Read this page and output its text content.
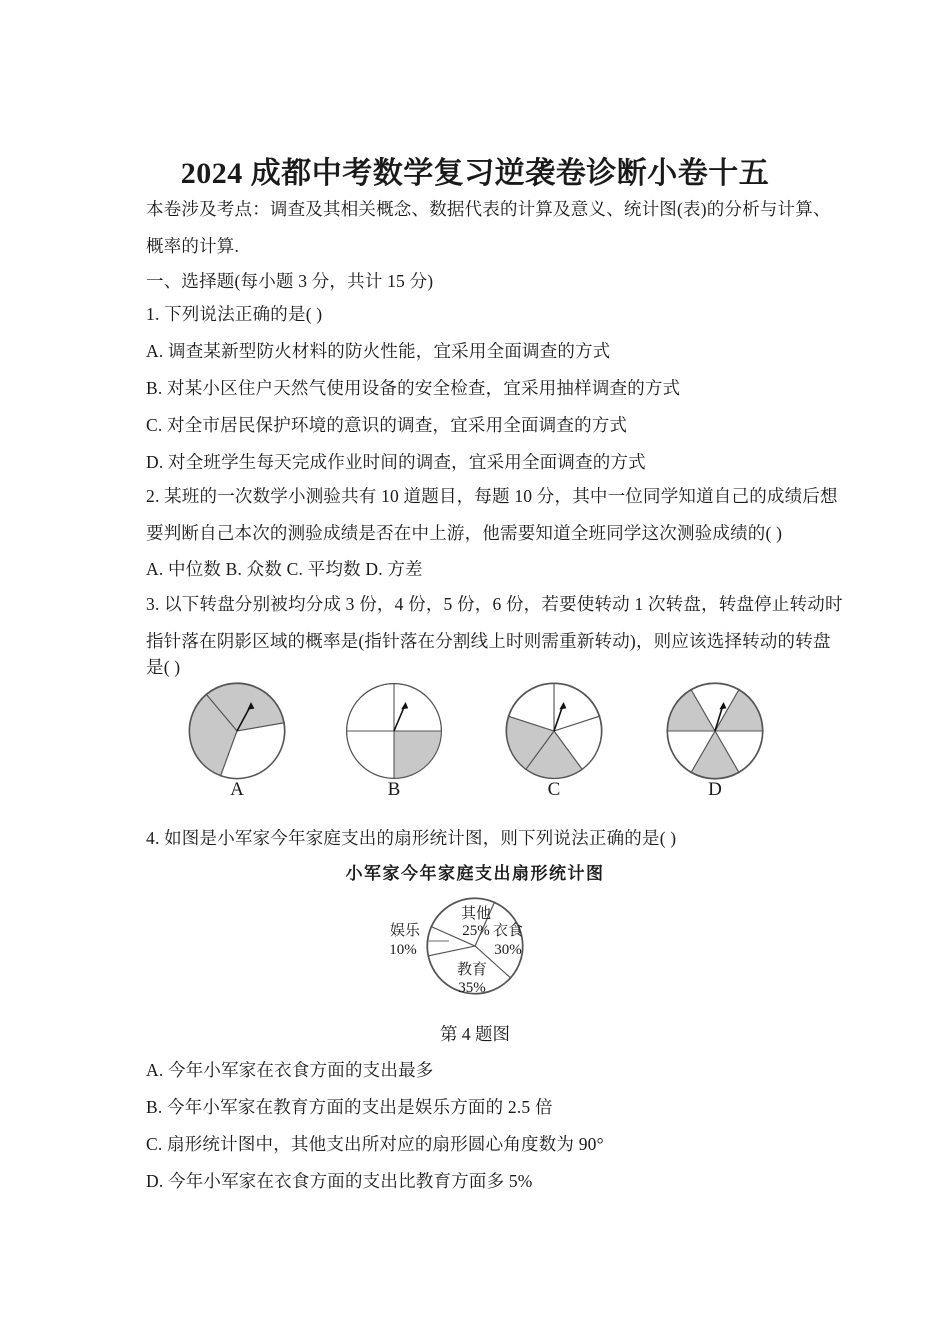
2024 成都中考数学复习逆袭卷诊断小卷十五
本卷涉及考点：调查及其相关概念、数据代表的计算及意义、统计图(表)的分析与计算、
概率的计算.
一、选择题(每小题 3 分，共计 15 分)
1. 下列说法正确的是( )
A. 调查某新型防火材料的防火性能，宜采用全面调查的方式
B. 对某小区住户天然气使用设备的安全检查，宜采用抽样调查的方式
C. 对全市居民保护环境的意识的调查，宜采用全面调查的方式
D. 对全班学生每天完成作业时间的调查，宜采用全面调查的方式
2. 某班的一次数学小测验共有 10 道题目，每题 10 分，其中一位同学知道自己的成绩后想
要判断自己本次的测验成绩是否在中上游，他需要知道全班同学这次测验成绩的( )
A. 中位数 B. 众数 C. 平均数 D. 方差
3. 以下转盘分别被均分成 3 份，4 份，5 份，6 份，若要使转动 1 次转盘，转盘停止转动时
指针落在阴影区域的概率是(指针落在分割线上时则需重新转动)，则应该选择转动的转盘
是( )
A	B	C	D
4. 如图是小军家今年家庭支出的扇形统计图，则下列说法正确的是( )
小军家今年家庭支出扇形统计图
其他
25% 衣食
30%
教育
35%
娱乐
10%
第 4 题图
A. 今年小军家在衣食方面的支出最多
B. 今年小军家在教育方面的支出是娱乐方面的 2.5 倍
C. 扇形统计图中，其他支出所对应的扇形圆心角度数为 90°
D. 今年小军家在衣食方面的支出比教育方面多 5%
